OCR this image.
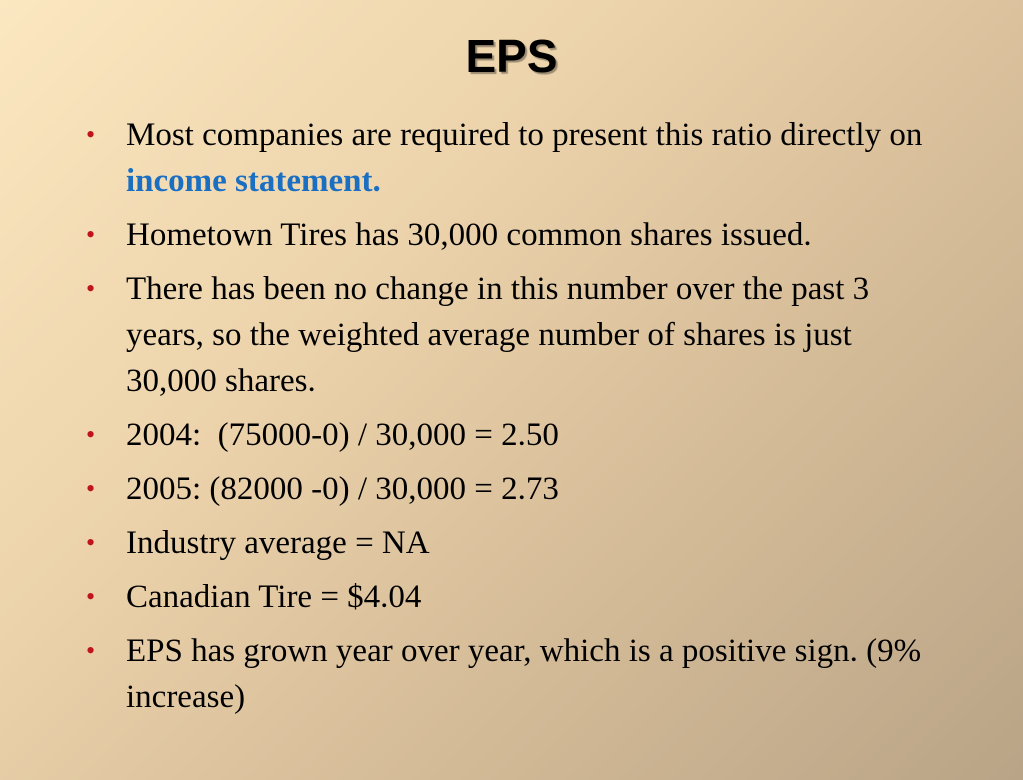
EPS
• Most companies are required to present this ratio directly on income statement.
• Hometown Tires has 30,000 common shares issued.
• There has been no change in this number over the past 3 years, so the weighted average number of shares is just 30,000 shares.
• 2004:  (75000-0) / 30,000 = 2.50
• 2005: (82000 -0) / 30,000 = 2.73
• Industry average = NA
• Canadian Tire = $4.04
• EPS has grown year over year, which is a positive sign. (9% increase)
